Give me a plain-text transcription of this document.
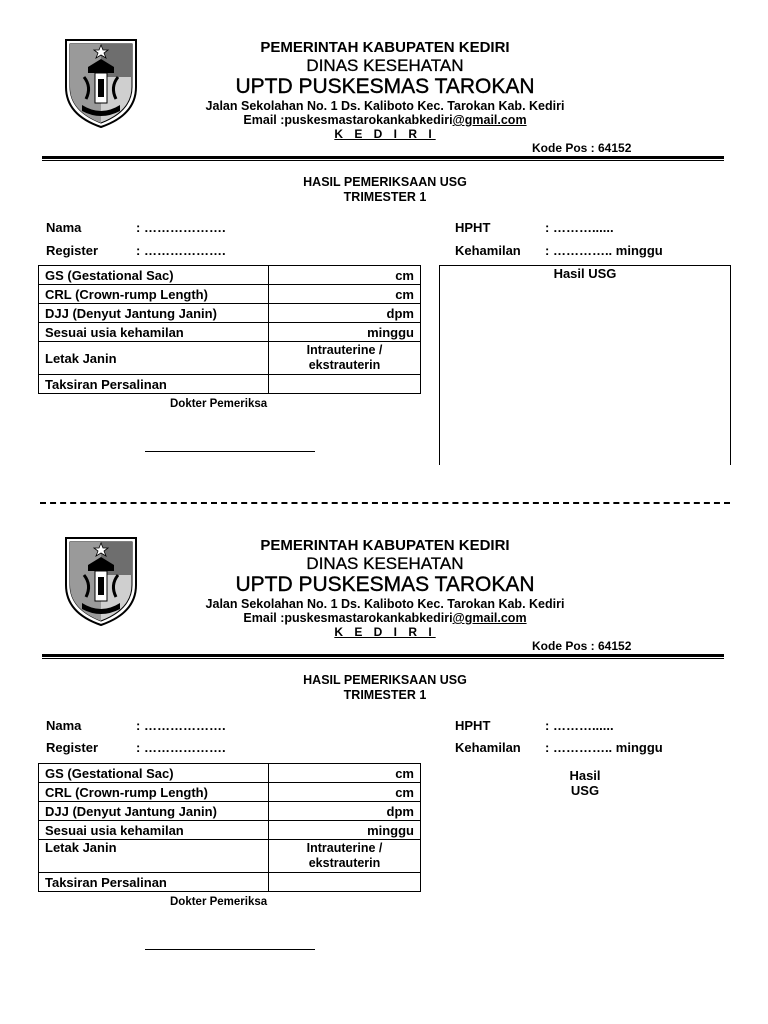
PEMERINTAH KABUPATEN KEDIRI
DINAS KESEHATAN
UPTD PUSKESMAS TAROKAN
Jalan Sekolahan No. 1 Ds. Kaliboto Kec. Tarokan Kab. Kediri
Email :puskesmastarokankabkediri@gmail.com
K E D I R I
Kode Pos : 64152
HASIL PEMERIKSAAN USG
TRIMESTER 1
Nama	: ……………….
Register	: ……………….
HPHT	: ………......
Kehamilan : ………….. minggu
GS (Gestational Sac)	cm
CRL (Crown-rump Length)	cm
DJJ (Denyut Jantung Janin)	dpm
Sesuai usia kehamilan	minggu
Letak Janin	Intrauterine / ekstrauterin
Taksiran Persalinan	
Hasil USG
Dokter Pemeriksa
PEMERINTAH KABUPATEN KEDIRI
DINAS KESEHATAN
UPTD PUSKESMAS TAROKAN
Jalan Sekolahan No. 1 Ds. Kaliboto Kec. Tarokan Kab. Kediri
Email :puskesmastarokankabkediri@gmail.com
K E D I R I
Kode Pos : 64152
HASIL PEMERIKSAAN USG
TRIMESTER 1
Nama	: ……………….
Register	: ……………….
HPHT	: ………......
Kehamilan : ………….. minggu
GS (Gestational Sac)	cm
CRL (Crown-rump Length)	cm
DJJ (Denyut Jantung Janin)	dpm
Sesuai usia kehamilan	minggu
Letak Janin	Intrauterine / ekstrauterin
Taksiran Persalinan	
Hasil
USG
Dokter Pemeriksa
